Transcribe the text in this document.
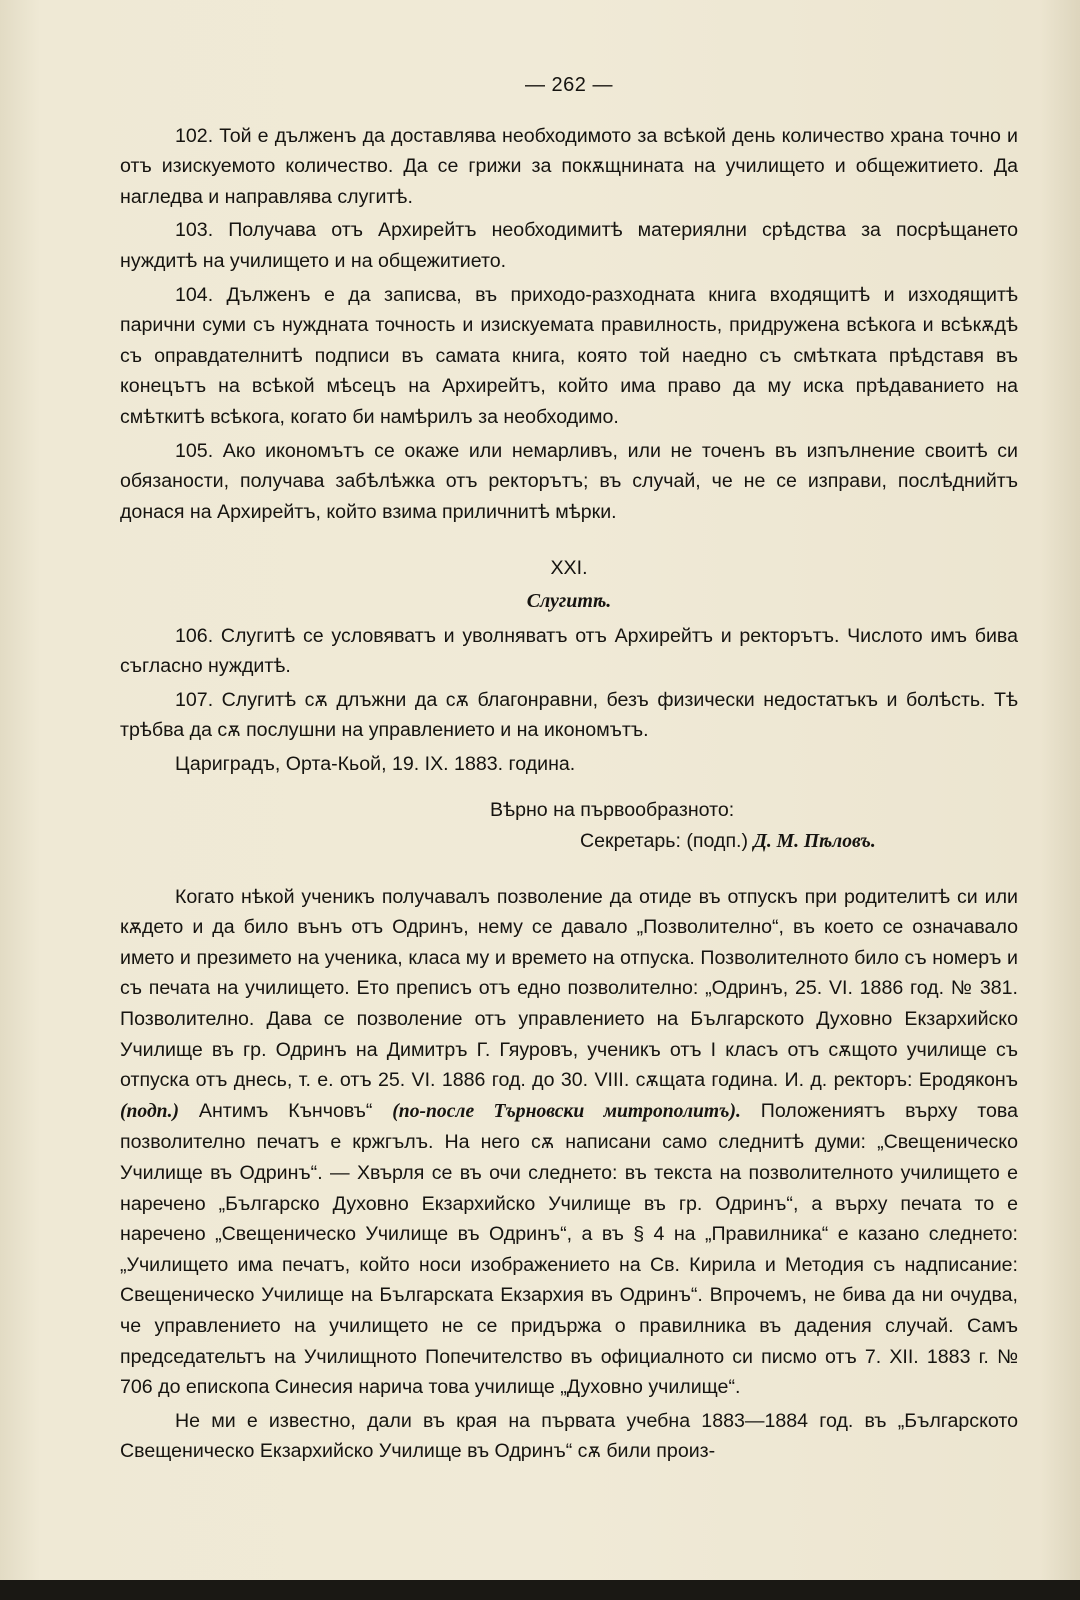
— 262 —

102. Той е дълженъ да доставлява необходимото за всѣкой день количество храна точно и отъ изискуемото количество. Да се грижи за покѫщнината на училището и общежитието. Да нагледва и направлява слугитѣ.

103. Получава отъ Архирейтъ необходимитѣ материялни срѣдства за посрѣщането нуждитѣ на училището и на общежитието.

104. Дълженъ е да записва, въ приходо-разходната книга входящитѣ и изходящитѣ парични суми съ нуждната точность и изискуемата правилность, придружена всѣкога и всѣкѫдѣ съ оправдателнитѣ подписи въ самата книга, която той наедно съ смѣтката прѣдставя въ конецътъ на всѣкой мѣсецъ на Архирейтъ, който има право да му иска прѣдаванието на смѣткитѣ всѣкога, когато би намѣрилъ за необходимо.

105. Ако икономътъ се окаже или немарливъ, или не точенъ въ изпълнение своитѣ си обязаности, получава забѣлѣжка отъ ректорътъ; въ случай, че не се изправи, послѣднийтъ донася на Архирейтъ, който взима приличнитѣ мѣрки.

XXI.

Слугитѣ.

106. Слугитѣ се условяватъ и уволняватъ отъ Архирейтъ и ректорътъ. Числото имъ бива съгласно нуждитѣ.

107. Слугитѣ сѫ длъжни да сѫ благонравни, безъ физически недостатъкъ и болѣсть. Тѣ трѣбва да сѫ послушни на управлението и на икономътъ.

Цариградъ, Орта-Кьой, 19. IX. 1883. година.

Вѣрно на първообразното:

Секретарь: (подп.) Д. М. Пѣловъ.

Когато нѣкой ученикъ получавалъ позволение да отиде въ отпускъ при родителитѣ си или кѫдето и да било вънъ отъ Одринъ, нему се давало „Позволително“, въ което се означавало името и презимето на ученика, класа му и времето на отпуска. Позволителното било съ номеръ и съ печата на училището. Ето преписъ отъ едно позволително: „Одринъ, 25. VI. 1886 год. № 381. Позволително. Дава се позволение отъ управлението на Българското Духовно Екзархийско Училище въ гр. Одринъ на Димитръ Г. Гяуровъ, ученикъ отъ I класъ отъ сѫщото училище съ отпуска отъ днесь, т. е. отъ 25. VI. 1886 год. до 30. VIII. сѫщата година. И. д. ректоръ: Еродяконъ (подп.) Антимъ Кънчовъ“ (по-после Търновски митрополитъ). Положениятъ върху това позволително печатъ е кржгълъ. На него сѫ написани само следнитѣ думи: „Свещеническо Училище въ Одринъ“. — Хвърля се въ очи следнето: въ текста на позволителното училището е наречено „Българско Духовно Екзархийско Училище въ гр. Одринъ“, а върху печата то е наречено „Свещеническо Училище въ Одринъ“, а въ § 4 на „Правилника“ е казано следнето: „Училището има печатъ, който носи изображението на Св. Кирила и Методия съ надписание: Свещеническо Училище на Българската Екзархия въ Одринъ“. Впрочемъ, не бива да ни очудва, че управлението на училището не се придържа о правилника въ дадения случай. Самъ председательтъ на Училищното Попечителство въ официалното си писмо отъ 7. XII. 1883 г. № 706 до епископа Синесия нарича това училище „Духовно училище“.

Не ми е известно, дали въ края на първата учебна 1883—1884 год. въ „Българското Свещеническо Екзархийско Училище въ Одринъ“ сѫ били произ-
